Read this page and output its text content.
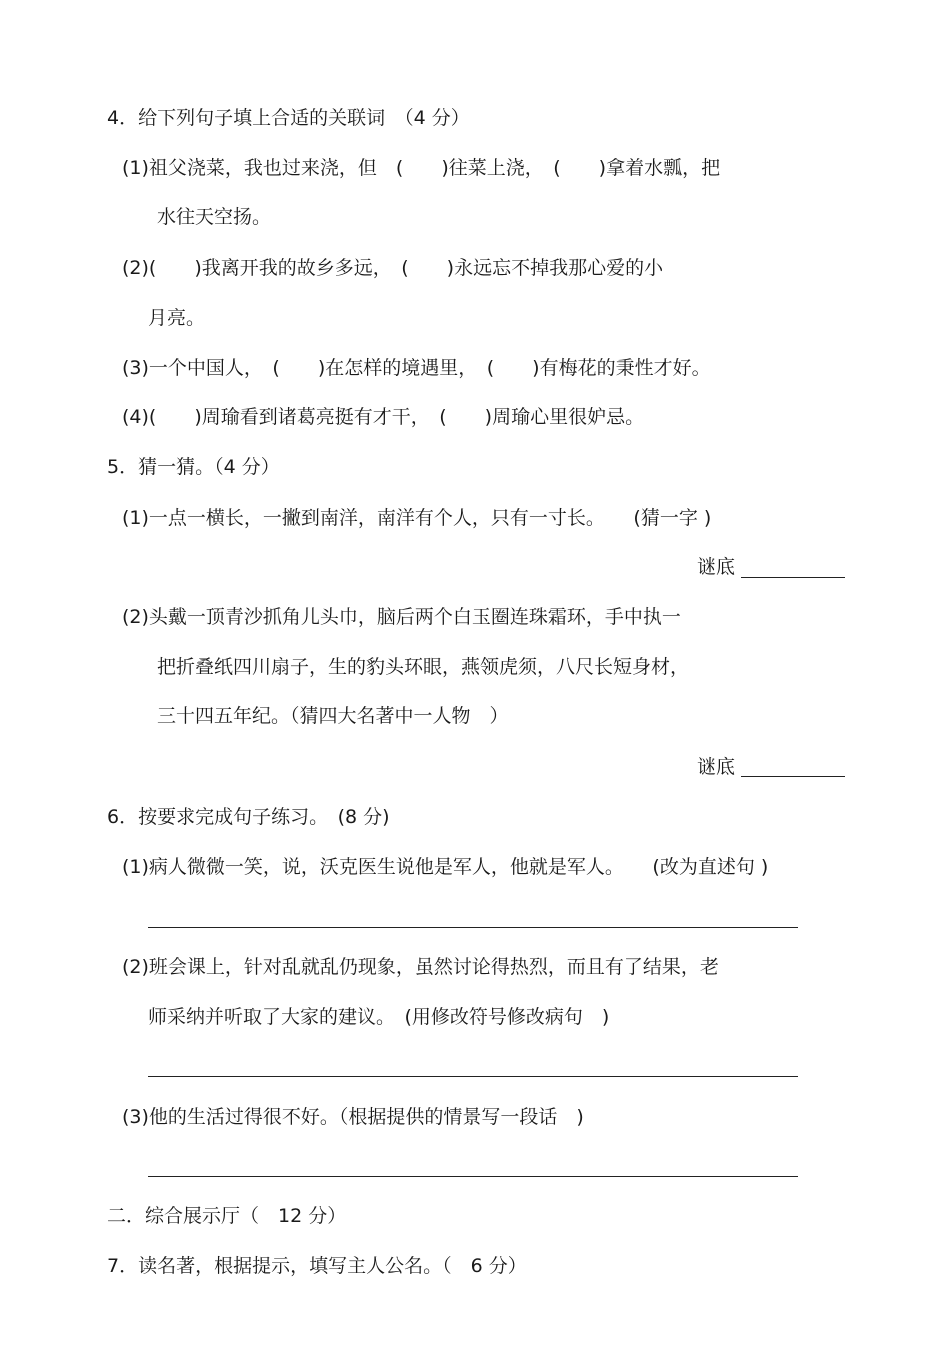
4．给下列句子填上合适的关联词　（4 分）
(1)祖父浇菜，我也过来浇，但　(　　)往菜上浇，　(　　)拿着水瓢，把
水往天空扬。
(2)(　　)我离开我的故乡多远，　(　　)永远忘不掉我那心爱的小
月亮。
(3)一个中国人，　(　　)在怎样的境遇里，　(　　)有梅花的秉性才好。
(4)(　　)周瑜看到诸葛亮挺有才干，　(　　)周瑜心里很妒忌。
5．猜一猜。（4 分）
(1)一点一横长，一撇到南洋，南洋有个人，只有一寸长。　　(猜一字 )
谜底
(2)头戴一顶青沙抓角儿头巾，脑后两个白玉圈连珠霜环，手中执一
把折叠纸四川扇子，生的豹头环眼，燕领虎须，八尺长短身材，
三十四五年纪。（猜四大名著中一人物　）
谜底
6．按要求完成句子练习。　(8 分)
(1)病人微微一笑，说，沃克医生说他是军人，他就是军人。　　(改为直述句 )
(2)班会课上，针对乱就乱仍现象，虽然讨论得热烈，而且有了结果，老
师采纳并听取了大家的建议。　(用修改符号修改病句　)
(3)他的生活过得很不好。（根据提供的情景写一段话　)
二．综合展示厅（　12 分）
7．读名著，根据提示，填写主人公名。（　6 分）
